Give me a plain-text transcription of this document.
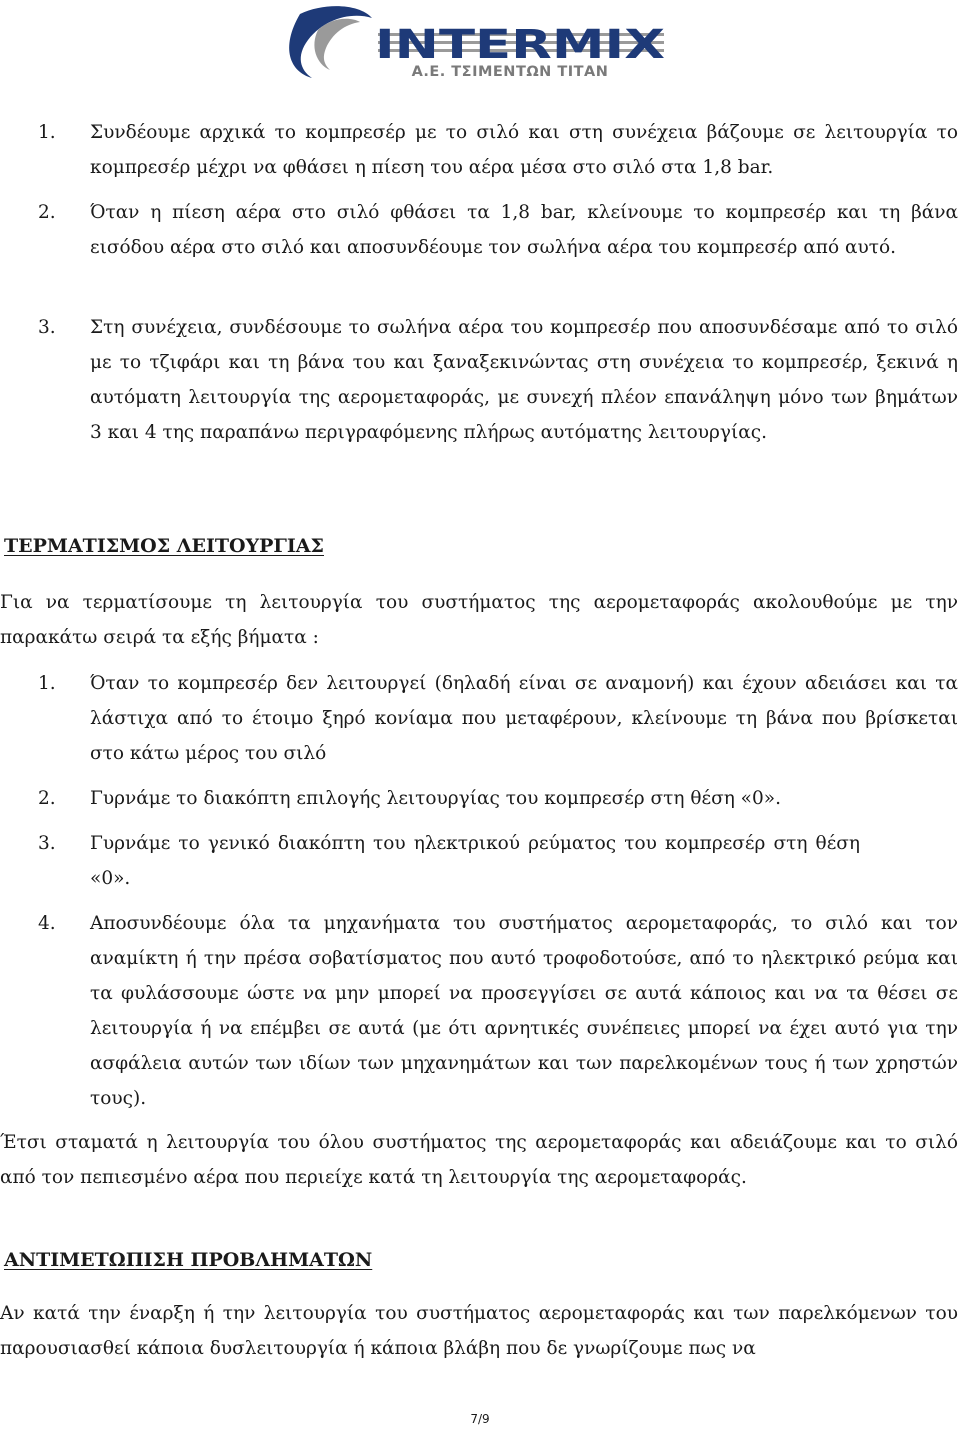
INTERMIX
Α.Ε. ΤΣΙΜΕΝΤΩΝ ΤΙΤΑΝ
1. Συνδέουμε αρχικά το κομπρεσέρ με το σιλό και στη συνέχεια βάζουμε σε λειτουργία το κομπρεσέρ μέχρι να φθάσει η πίεση του αέρα μέσα στο σιλό στα 1,8 bar.
2. Όταν η πίεση αέρα στο σιλό φθάσει τα 1,8 bar, κλείνουμε το κομπρεσέρ και τη βάνα εισόδου αέρα στο σιλό και αποσυνδέουμε τον σωλήνα αέρα του κομπρεσέρ από αυτό.
3. Στη συνέχεια, συνδέσουμε το σωλήνα αέρα του κομπρεσέρ που αποσυνδέσαμε από το σιλό με το τζιφάρι και τη βάνα του και ξαναξεκινώντας στη συνέχεια το κομπρεσέρ, ξεκινά η αυτόματη λειτουργία της αερομεταφοράς, με συνεχή πλέον επανάληψη μόνο των βημάτων 3 και 4 της παραπάνω περιγραφόμενης πλήρως αυτόματης λειτουργίας.
ΤΕΡΜΑΤΙΣΜΟΣ ΛΕΙΤΟΥΡΓΙΑΣ
Για να τερματίσουμε τη λειτουργία του συστήματος της αερομεταφοράς ακολουθούμε με την παρακάτω σειρά τα εξής βήματα :
1. Όταν το κομπρεσέρ δεν λειτουργεί (δηλαδή είναι σε αναμονή) και έχουν αδειάσει και τα λάστιχα από το έτοιμο ξηρό κονίαμα που μεταφέρουν, κλείνουμε τη βάνα που βρίσκεται στο κάτω μέρος του σιλό
2. Γυρνάμε το διακόπτη επιλογής λειτουργίας του κομπρεσέρ στη θέση «0».
3. Γυρνάμε το γενικό διακόπτη του ηλεκτρικού ρεύματος του κομπρεσέρ στη θέση «0».
4. Αποσυνδέουμε όλα τα μηχανήματα του συστήματος αερομεταφοράς, το σιλό και τον αναμίκτη ή την πρέσα σοβατίσματος που αυτό τροφοδοτούσε, από το ηλεκτρικό ρεύμα και τα φυλάσσουμε ώστε να μην μπορεί να προσεγγίσει σε αυτά κάποιος και να τα θέσει σε λειτουργία ή να επέμβει σε αυτά (με ότι αρνητικές συνέπειες μπορεί να έχει αυτό για την ασφάλεια αυτών των ιδίων των μηχανημάτων και των παρελκομένων τους ή των χρηστών τους).
Έτσι σταματά η λειτουργία του όλου συστήματος της αερομεταφοράς και αδειάζουμε και το σιλό από τον πεπιεσμένο αέρα που περιείχε κατά τη λειτουργία της αερομεταφοράς.
ΑΝΤΙΜΕΤΩΠΙΣΗ ΠΡΟΒΛΗΜΑΤΩΝ
Αν κατά την έναρξη ή την λειτουργία του συστήματος αερομεταφοράς και των παρελκόμενων του παρουσιασθεί κάποια δυσλειτουργία ή κάποια βλάβη που δε γνωρίζουμε πως να
7/9
